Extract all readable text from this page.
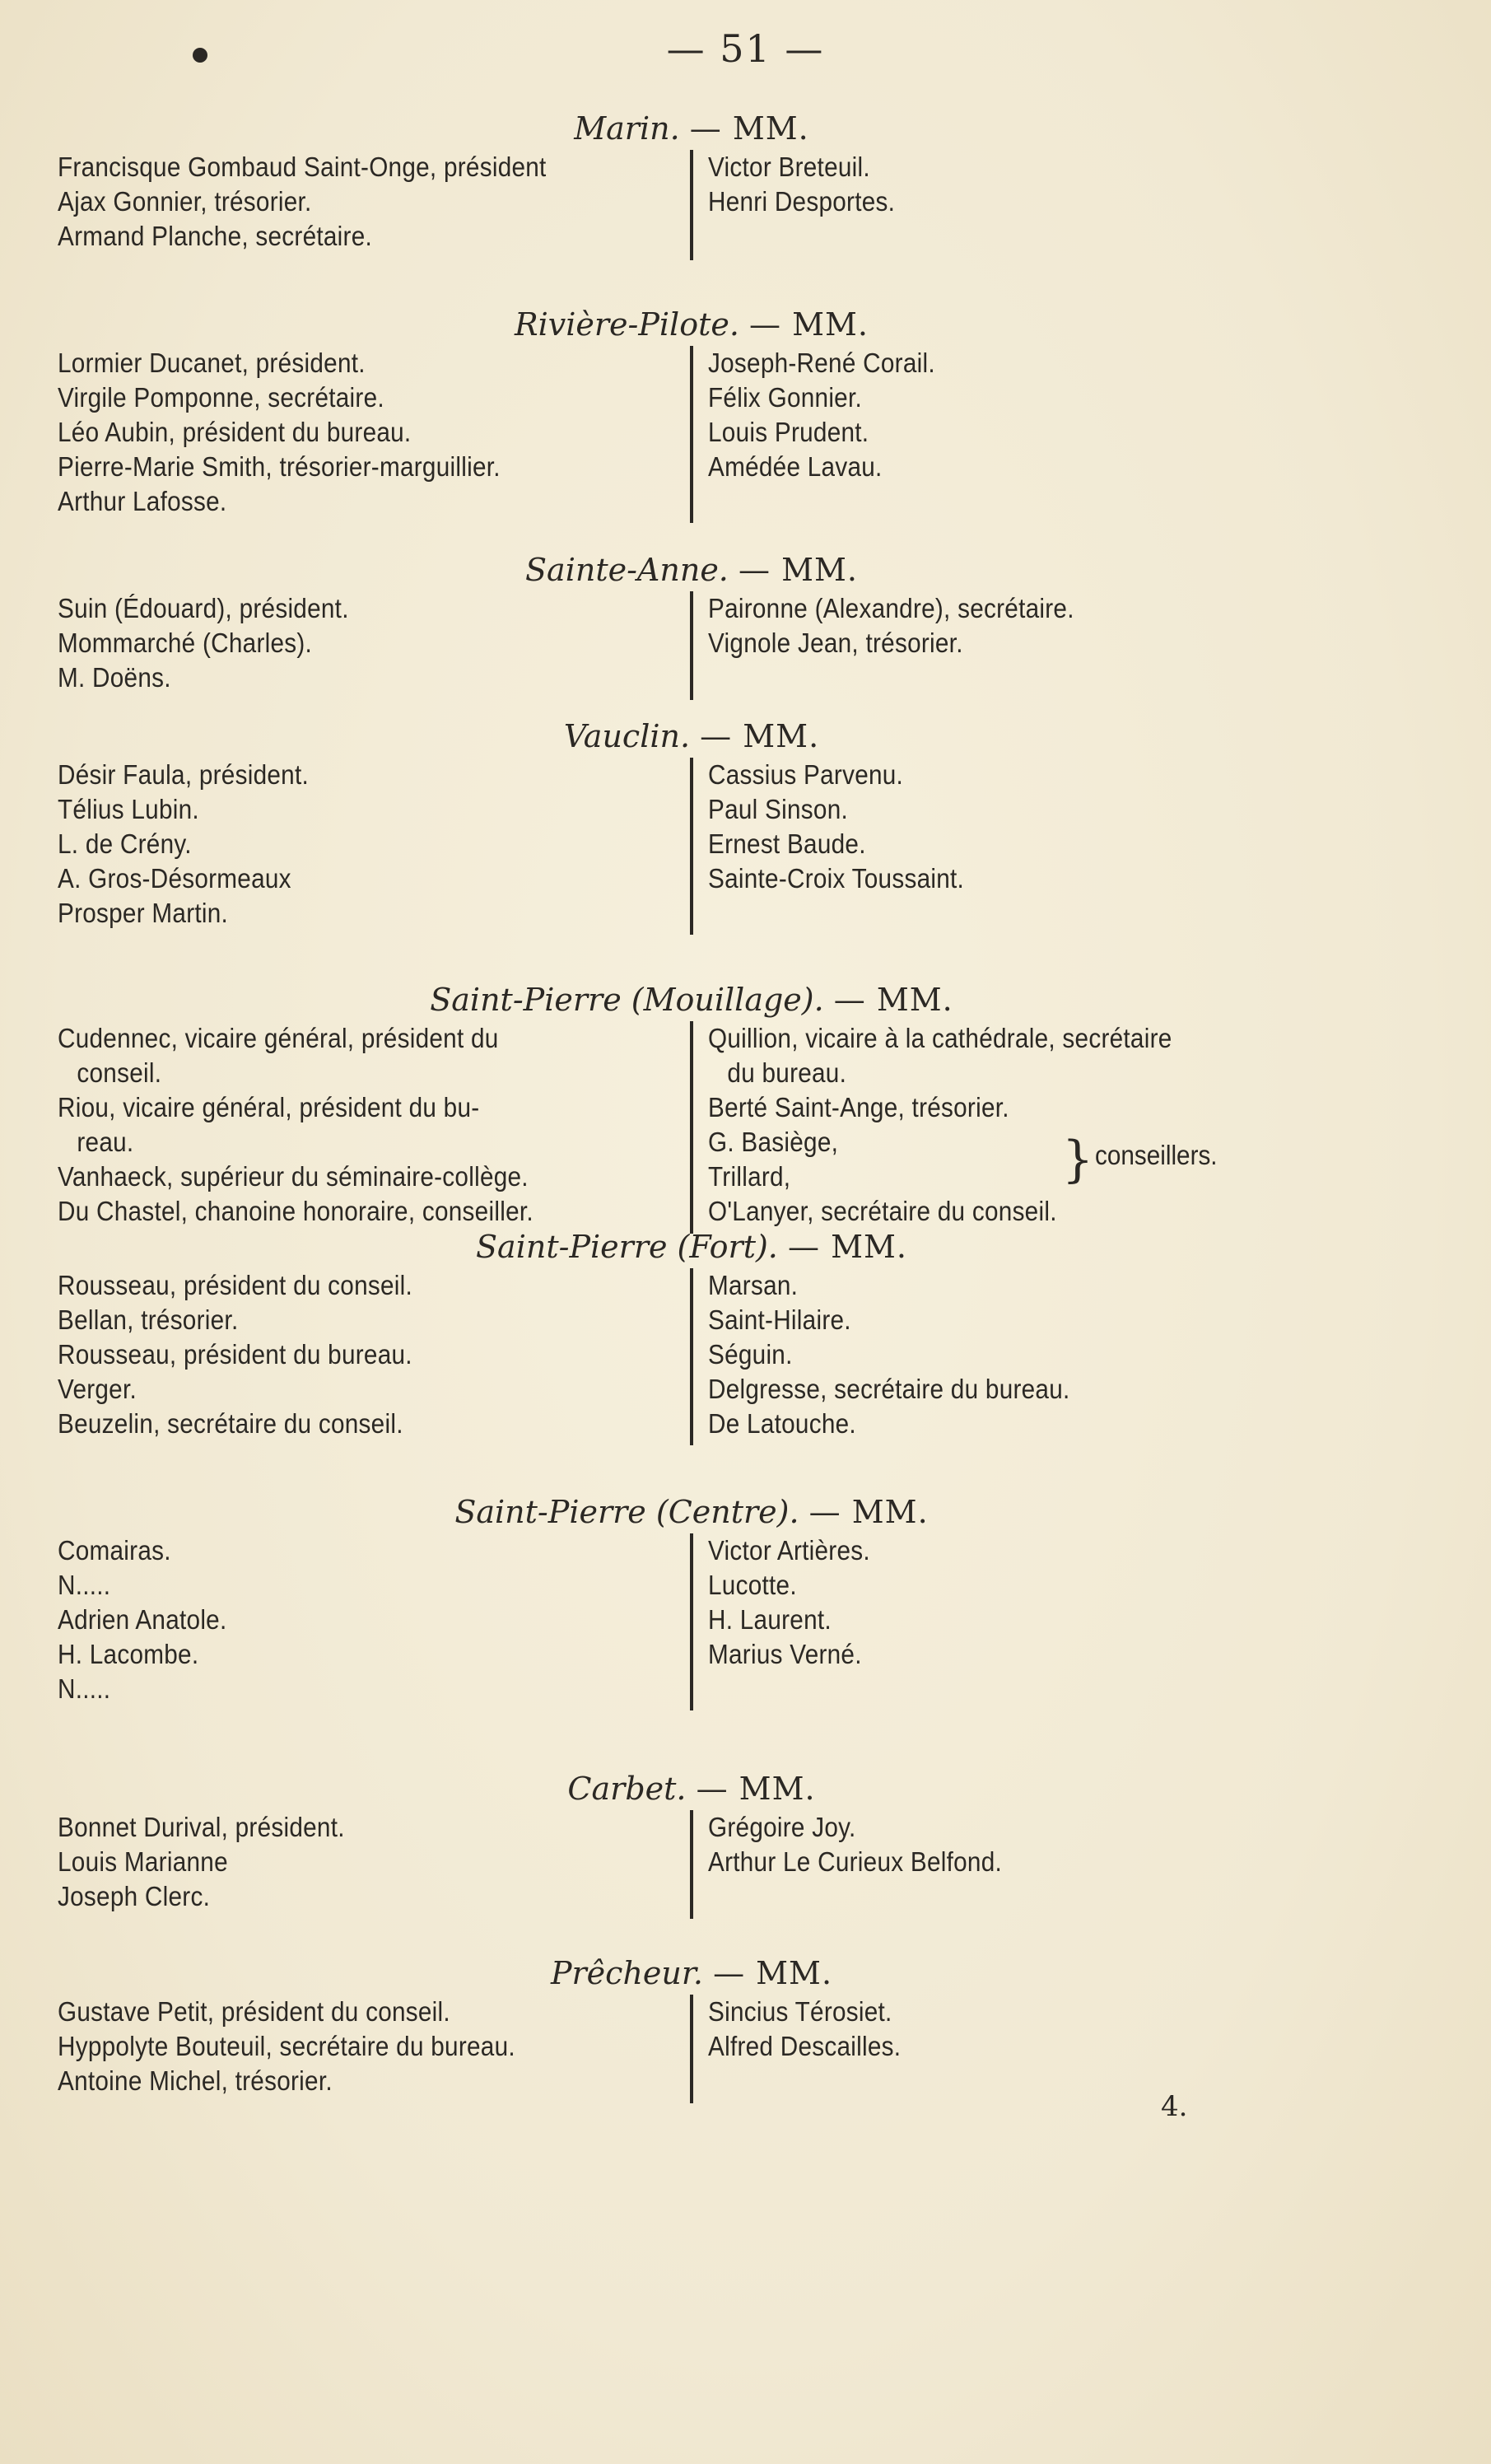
— 51 —
Marin. — MM.
Francisque Gombaud Saint-Onge, président
Ajax Gonnier, trésorier.
Armand Planche, secrétaire.
Victor Breteuil.
Henri Desportes.
Rivière-Pilote. — MM.
Lormier Ducanet, président.
Virgile Pomponne, secrétaire.
Léo Aubin, président du bureau.
Pierre-Marie Smith, trésorier-marguillier.
Arthur Lafosse.
Joseph-René Corail.
Félix Gonnier.
Louis Prudent.
Amédée Lavau.
Sainte-Anne. — MM.
Suin (Édouard), président.
Mommarché (Charles).
M. Doëns.
Paironne (Alexandre), secrétaire.
Vignole Jean, trésorier.
Vauclin. — MM.
Désir Faula, président.
Télius Lubin.
L. de Crény.
A. Gros-Désormeaux
Prosper Martin.
Cassius Parvenu.
Paul Sinson.
Ernest Baude.
Sainte-Croix Toussaint.
Saint-Pierre (Mouillage). — MM.
Cudennec, vicaire général, président du
conseil.
Riou, vicaire général, président du bu-
reau.
Vanhaeck, supérieur du séminaire-collège.
Du Chastel, chanoine honoraire, conseiller.
Quillion, vicaire à la cathédrale, secrétaire
du bureau.
Berté Saint-Ange, trésorier.
G. Basiège,
Trillard,	} conseillers.
O'Lanyer, secrétaire du conseil.
Saint-Pierre (Fort). — MM.
Rousseau, président du conseil.
Bellan, trésorier.
Rousseau, président du bureau.
Verger.
Beuzelin, secrétaire du conseil.
Marsan.
Saint-Hilaire.
Séguin.
Delgresse, secrétaire du bureau.
De Latouche.
Saint-Pierre (Centre). — MM.
Comairas.
N.....
Adrien Anatole.
H. Lacombe.
N.....
Victor Artières.
Lucotte.
H. Laurent.
Marius Verné.
Carbet. — MM.
Bonnet Durival, président.
Louis Marianne
Joseph Clerc.
Grégoire Joy.
Arthur Le Curieux Belfond.
Prêcheur. — MM.
Gustave Petit, président du conseil.
Hyppolyte Bouteuil, secrétaire du bureau.
Antoine Michel, trésorier.
Sincius Térosiet.
Alfred Descailles.
4.
